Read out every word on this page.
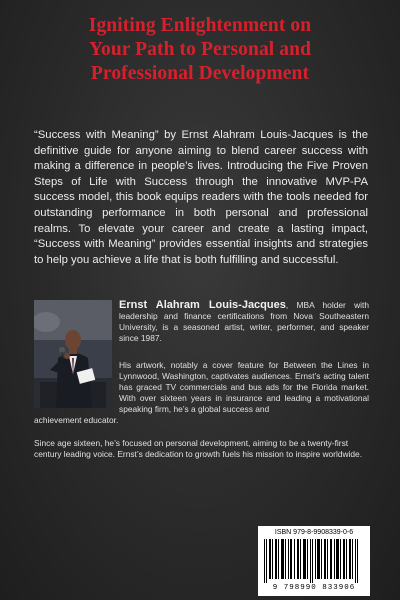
Igniting Enlightenment on
Your Path to Personal and
Professional Development
“Success with Meaning” by Ernst Alahram Louis-Jacques is the definitive guide for anyone aiming to blend career success with making a difference in people’s lives. Introducing the Five Proven Steps of Life with Success through the innovative MVP-PA success model, this book equips readers with the tools needed for outstanding performance in both personal and professional realms. To elevate your career and create a lasting impact, “Success with Meaning” provides essential insights and strategies to help you achieve a life that is both fulfilling and successful.
Ernst Alahram Louis-Jacques, MBA holder with leadership and finance certifications from Nova Southeastern University, is a seasoned artist, writer, performer, and speaker since 1987.
His artwork, notably a cover feature for Between the Lines in Lynnwood, Washington, captivates audiences. Ernst’s acting talent has graced TV commercials and bus ads for the Florida market. With over sixteen years in insurance and leading a motivational speaking firm, he’s a global success and
achievement educator.
Since age sixteen, he’s focused on personal development, aiming to be a twenty-first century leading voice. Ernst’s dedication to growth fuels his mission to inspire worldwide.
ISBN 979-8-9908339-0-6
9 798990 833906
